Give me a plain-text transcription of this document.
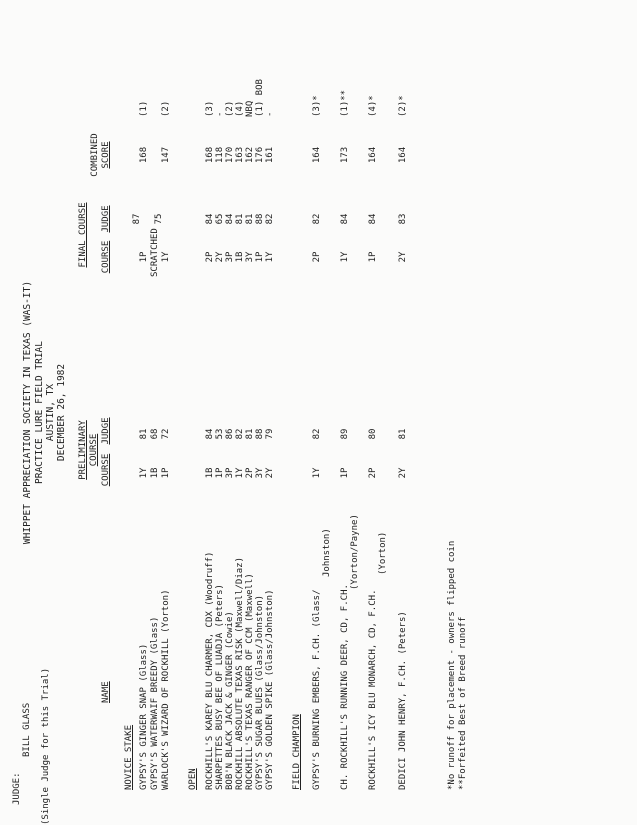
WHIPPET APPRECIATION SOCIETY IN TEXAS (WAS-IT) PRACTICE LURE FIELD TRIAL AUSTIN, TX DECEMBER 26, 1982 PRELIMINARY COURSE
FINAL COURSE
COMBINED SCORE
NAME
COURSE
JUDGE
COURSE
JUDGE
JUDGE:
BILL GLASS (Single Judge for this Trial)	NOVICE STAKE GYPSY'S GINGER SNAP (Glass)
1Y
81
1P
87
168
(1)
GYPSY'S WATERWAIF BREEDY (Glass)
1B
68
SCRATCHED
WARLOCK'S WIZARD OF ROCKHILL (Yorton)
1P
72
1Y
75
147
(2)
OPEN ROCKHILL'S KAREY BLU CHARMER, CDX (Woodruff)
1B
84
2P
84
168
(3)
SHARPETTES BUSY BEE OF LUADJA (Peters)
1P
53
2Y
65
118
-
BOB'N BLACK JACK & GINGER (Cowie)
3P
86
3P
84
170
(2)
ROCKHILL ABSOLUTE TEXAS RISK (Maxwell/Diaz)
1Y
82
1B
81
163
(4)
ROCKHILL'S TEXAS RANGER OF CCM (Maxwell)
2P
81
3Y
81
162
NBQ
GYPSY'S SUGAR BLUES (Glass/Johnston)
3Y
88
1P
88
176
(1) BOB
GYPSY'S GOLDEN SPIKE (Glass/Johnston)
2Y
79
1Y
82
161
-
FIELD CHAMPION GYPSY'S BURNING EMBERS, F.CH. (Glass/
Johnston)
1Y
82
2P
82
164
(3)*
CH. ROCKHILL'S RUNNING DEER, CD, F.CH.
(Yorton/Payne)
1P
89
1Y
84
173
(1)**
ROCKHILL'S ICY BLU MONARCH, CD, F.CH.
(Yorton)
2P
80
1P
84
164
(4)*
DEDICI JOHN HENRY, F.CH. (Peters)
2Y
81
2Y
83
164
(2)*
*No runoff for placement - owners flipped coin **Forfeited Best of Breed runoff
